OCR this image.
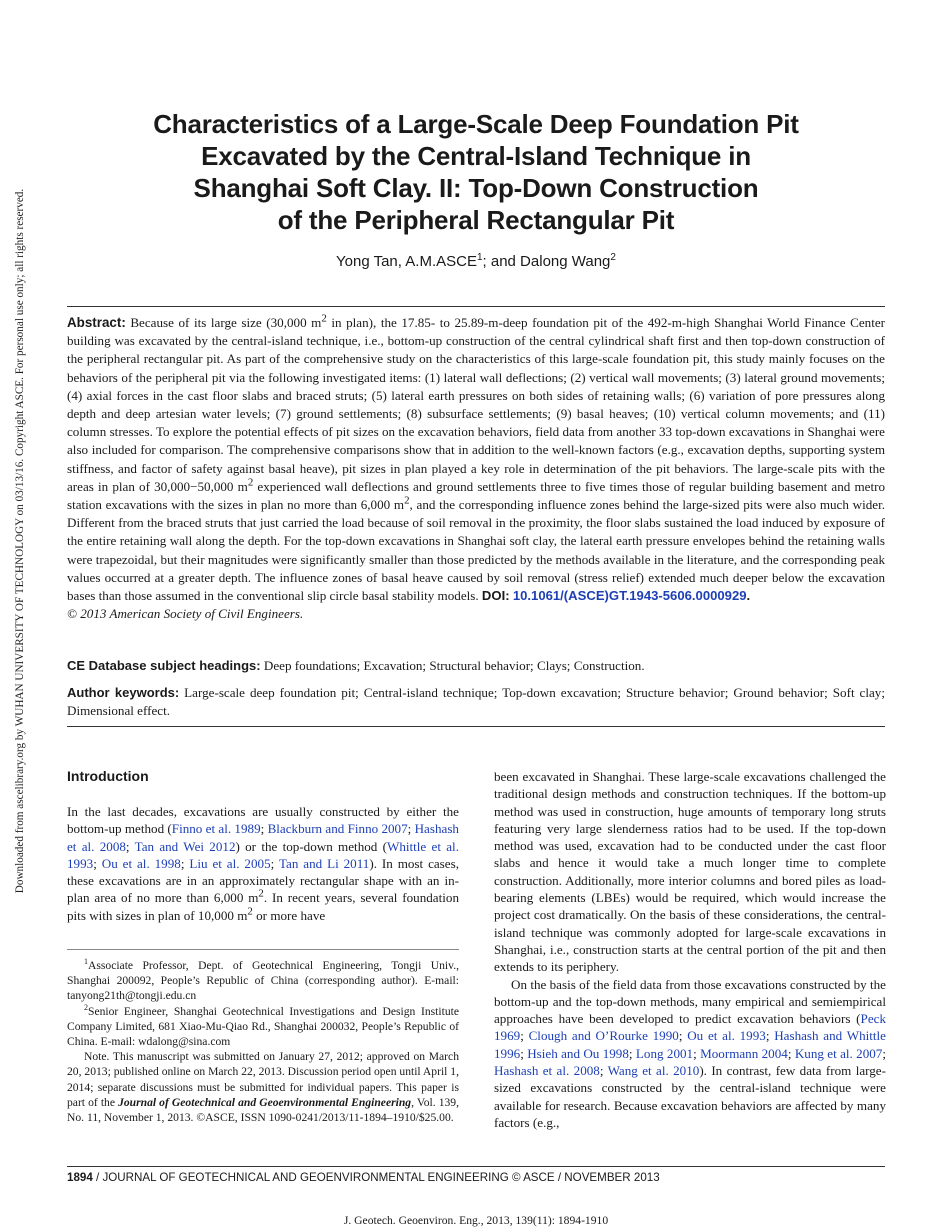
Downloaded from ascelibrary.org by WUHAN UNIVERSITY OF TECHNOLOGY on 03/13/16. Copyright ASCE. For personal use only; all rights reserved.
Characteristics of a Large-Scale Deep Foundation Pit
Excavated by the Central-Island Technique in
Shanghai Soft Clay. II: Top-Down Construction
of the Peripheral Rectangular Pit
Yong Tan, A.M.ASCE$^1$; and Dalong Wang$^2$
Abstract: Because of its large size (30,000 $m^2$ in plan), the 17.85- to 25.89-m-deep foundation pit of the 492-m-high Shanghai World Finance Center building was excavated by the central-island technique, i.e., bottom-up construction of the central cylindrical shaft first and then top-down construction of the peripheral rectangular pit. As part of the comprehensive study on the characteristics of this large-scale foundation pit, this study mainly focuses on the behaviors of the peripheral pit via the following investigated items: (1) lateral wall deflections; (2) vertical wall movements; (3) lateral ground movements; (4) axial forces in the cast floor slabs and braced struts; (5) lateral earth pressures on both sides of retaining walls; (6) variation of pore pressures along depth and deep artesian water levels; (7) ground settlements; (8) subsurface settlements; (9) basal heaves; (10) vertical column movements; and (11) column stresses. To explore the potential effects of pit sizes on the excavation behaviors, field data from another 33 top-down excavations in Shanghai were also included for comparison. The comprehensive comparisons show that in addition to the well-known factors (e.g., excavation depths, supporting system stiffness, and factor of safety against basal heave), pit sizes in plan played a key role in determination of the pit behaviors. The large-scale pits with the areas in plan of 30,000−50,000 $m^2$ experienced wall deflections and ground settlements three to five times those of regular building basement and metro station excavations with the sizes in plan no more than 6,000 $m^2$, and the corresponding influence zones behind the large-sized pits were also much wider. Different from the braced struts that just carried the load because of soil removal in the proximity, the floor slabs sustained the load induced by exposure of the entire retaining wall along the depth. For the top-down excavations in Shanghai soft clay, the lateral earth pressure envelopes behind the retaining walls were trapezoidal, but their magnitudes were significantly smaller than those predicted by the methods available in the literature, and the corresponding peak values occurred at a greater depth. The influence zones of basal heave caused by soil removal (stress relief) extended much deeper below the excavation bases than those assumed in the conventional slip circle basal stability models. DOI: 10.1061/(ASCE)GT.1943-5606.0000929.
© 2013 American Society of Civil Engineers.
CE Database subject headings: Deep foundations; Excavation; Structural behavior; Clays; Construction.
Author keywords: Large-scale deep foundation pit; Central-island technique; Top-down excavation; Structure behavior; Ground behavior; Soft clay; Dimensional effect.
Introduction
In the last decades, excavations are usually constructed by either the bottom-up method (Finno et al. 1989; Blackburn and Finno 2007; Hashash et al. 2008; Tan and Wei 2012) or the top-down method (Whittle et al. 1993; Ou et al. 1998; Liu et al. 2005; Tan and Li 2011). In most cases, these excavations are in an approximately rectangular shape with an in-plan area of no more than 6,000 $m^2$. In recent years, several foundation pits with sizes in plan of 10,000 $m^2$ or more have

$^1$Associate Professor, Dept. of Geotechnical Engineering, Tongji Univ., Shanghai 200092, People’s Republic of China (corresponding author). E-mail: tanyong21th@tongji.edu.cn

$^2$Senior Engineer, Shanghai Geotechnical Investigations and Design Institute Company Limited, 681 Xiao-Mu-Qiao Rd., Shanghai 200032, People’s Republic of China. E-mail: wdalong@sina.com

Note. This manuscript was submitted on January 27, 2012; approved on March 20, 2013; published online on March 22, 2013. Discussion period open until April 1, 2014; separate discussions must be submitted for individual papers. This paper is part of the Journal of Geotechnical and Geoenvironmental Engineering, Vol. 139, No. 11, November 1, 2013. ©ASCE, ISSN 1090-0241/2013/11-1894–1910/$25.00.

been excavated in Shanghai. These large-scale excavations challenged the traditional design methods and construction techniques. If the bottom-up method was used in construction, huge amounts of temporary long struts featuring very large slenderness ratios had to be used. If the top-down method was used, excavation had to be conducted under the cast floor slabs and hence it would take a much longer time to complete construction. Additionally, more interior columns and bored piles as load-bearing elements (LBEs) would be required, which would increase the project cost dramatically. On the basis of these considerations, the central-island technique was commonly adopted for large-scale excavations in Shanghai, i.e., construction starts at the central portion of the pit and then extends to its periphery.

On the basis of the field data from those excavations constructed by the bottom-up and the top-down methods, many empirical and semiempirical approaches have been developed to predict excavation behaviors (Peck 1969; Clough and O’Rourke 1990; Ou et al. 1993; Hashash and Whittle 1996; Hsieh and Ou 1998; Long 2001; Moormann 2004; Kung et al. 2007; Hashash et al. 2008; Wang et al. 2010). In contrast, few data from large-sized excavations constructed by the central-island technique were available for research. Because excavation behaviors are affected by many factors (e.g.,

1894 / JOURNAL OF GEOTECHNICAL AND GEOENVIRONMENTAL ENGINEERING © ASCE / NOVEMBER 2013
J. Geotech. Geoenviron. Eng., 2013, 139(11): 1894-1910
